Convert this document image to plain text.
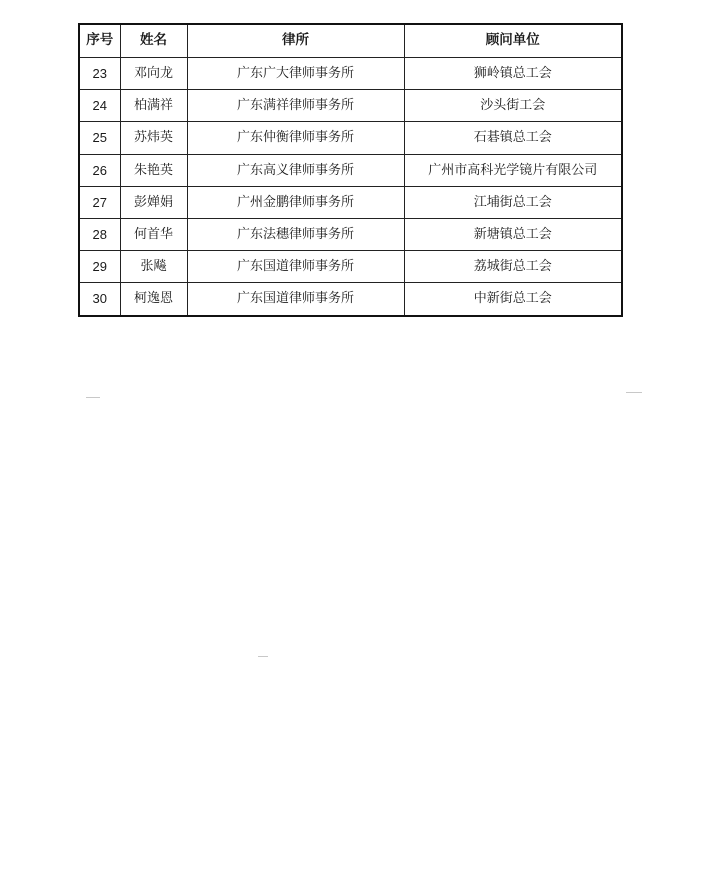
序号	姓名	律所	顾问单位
23	邓向龙	广东广大律师事务所	狮岭镇总工会
24	柏满祥	广东满祥律师事务所	沙头街工会
25	苏炜英	广东仲衡律师事务所	石碁镇总工会
26	朱艳英	广东高义律师事务所	广州市高科光学镜片有限公司
27	彭婵娟	广州金鹏律师事务所	江埔街总工会
28	何首华	广东法穗律师事务所	新塘镇总工会
29	张飚	广东国道律师事务所	荔城街总工会
30	柯逸恩	广东国道律师事务所	中新街总工会
